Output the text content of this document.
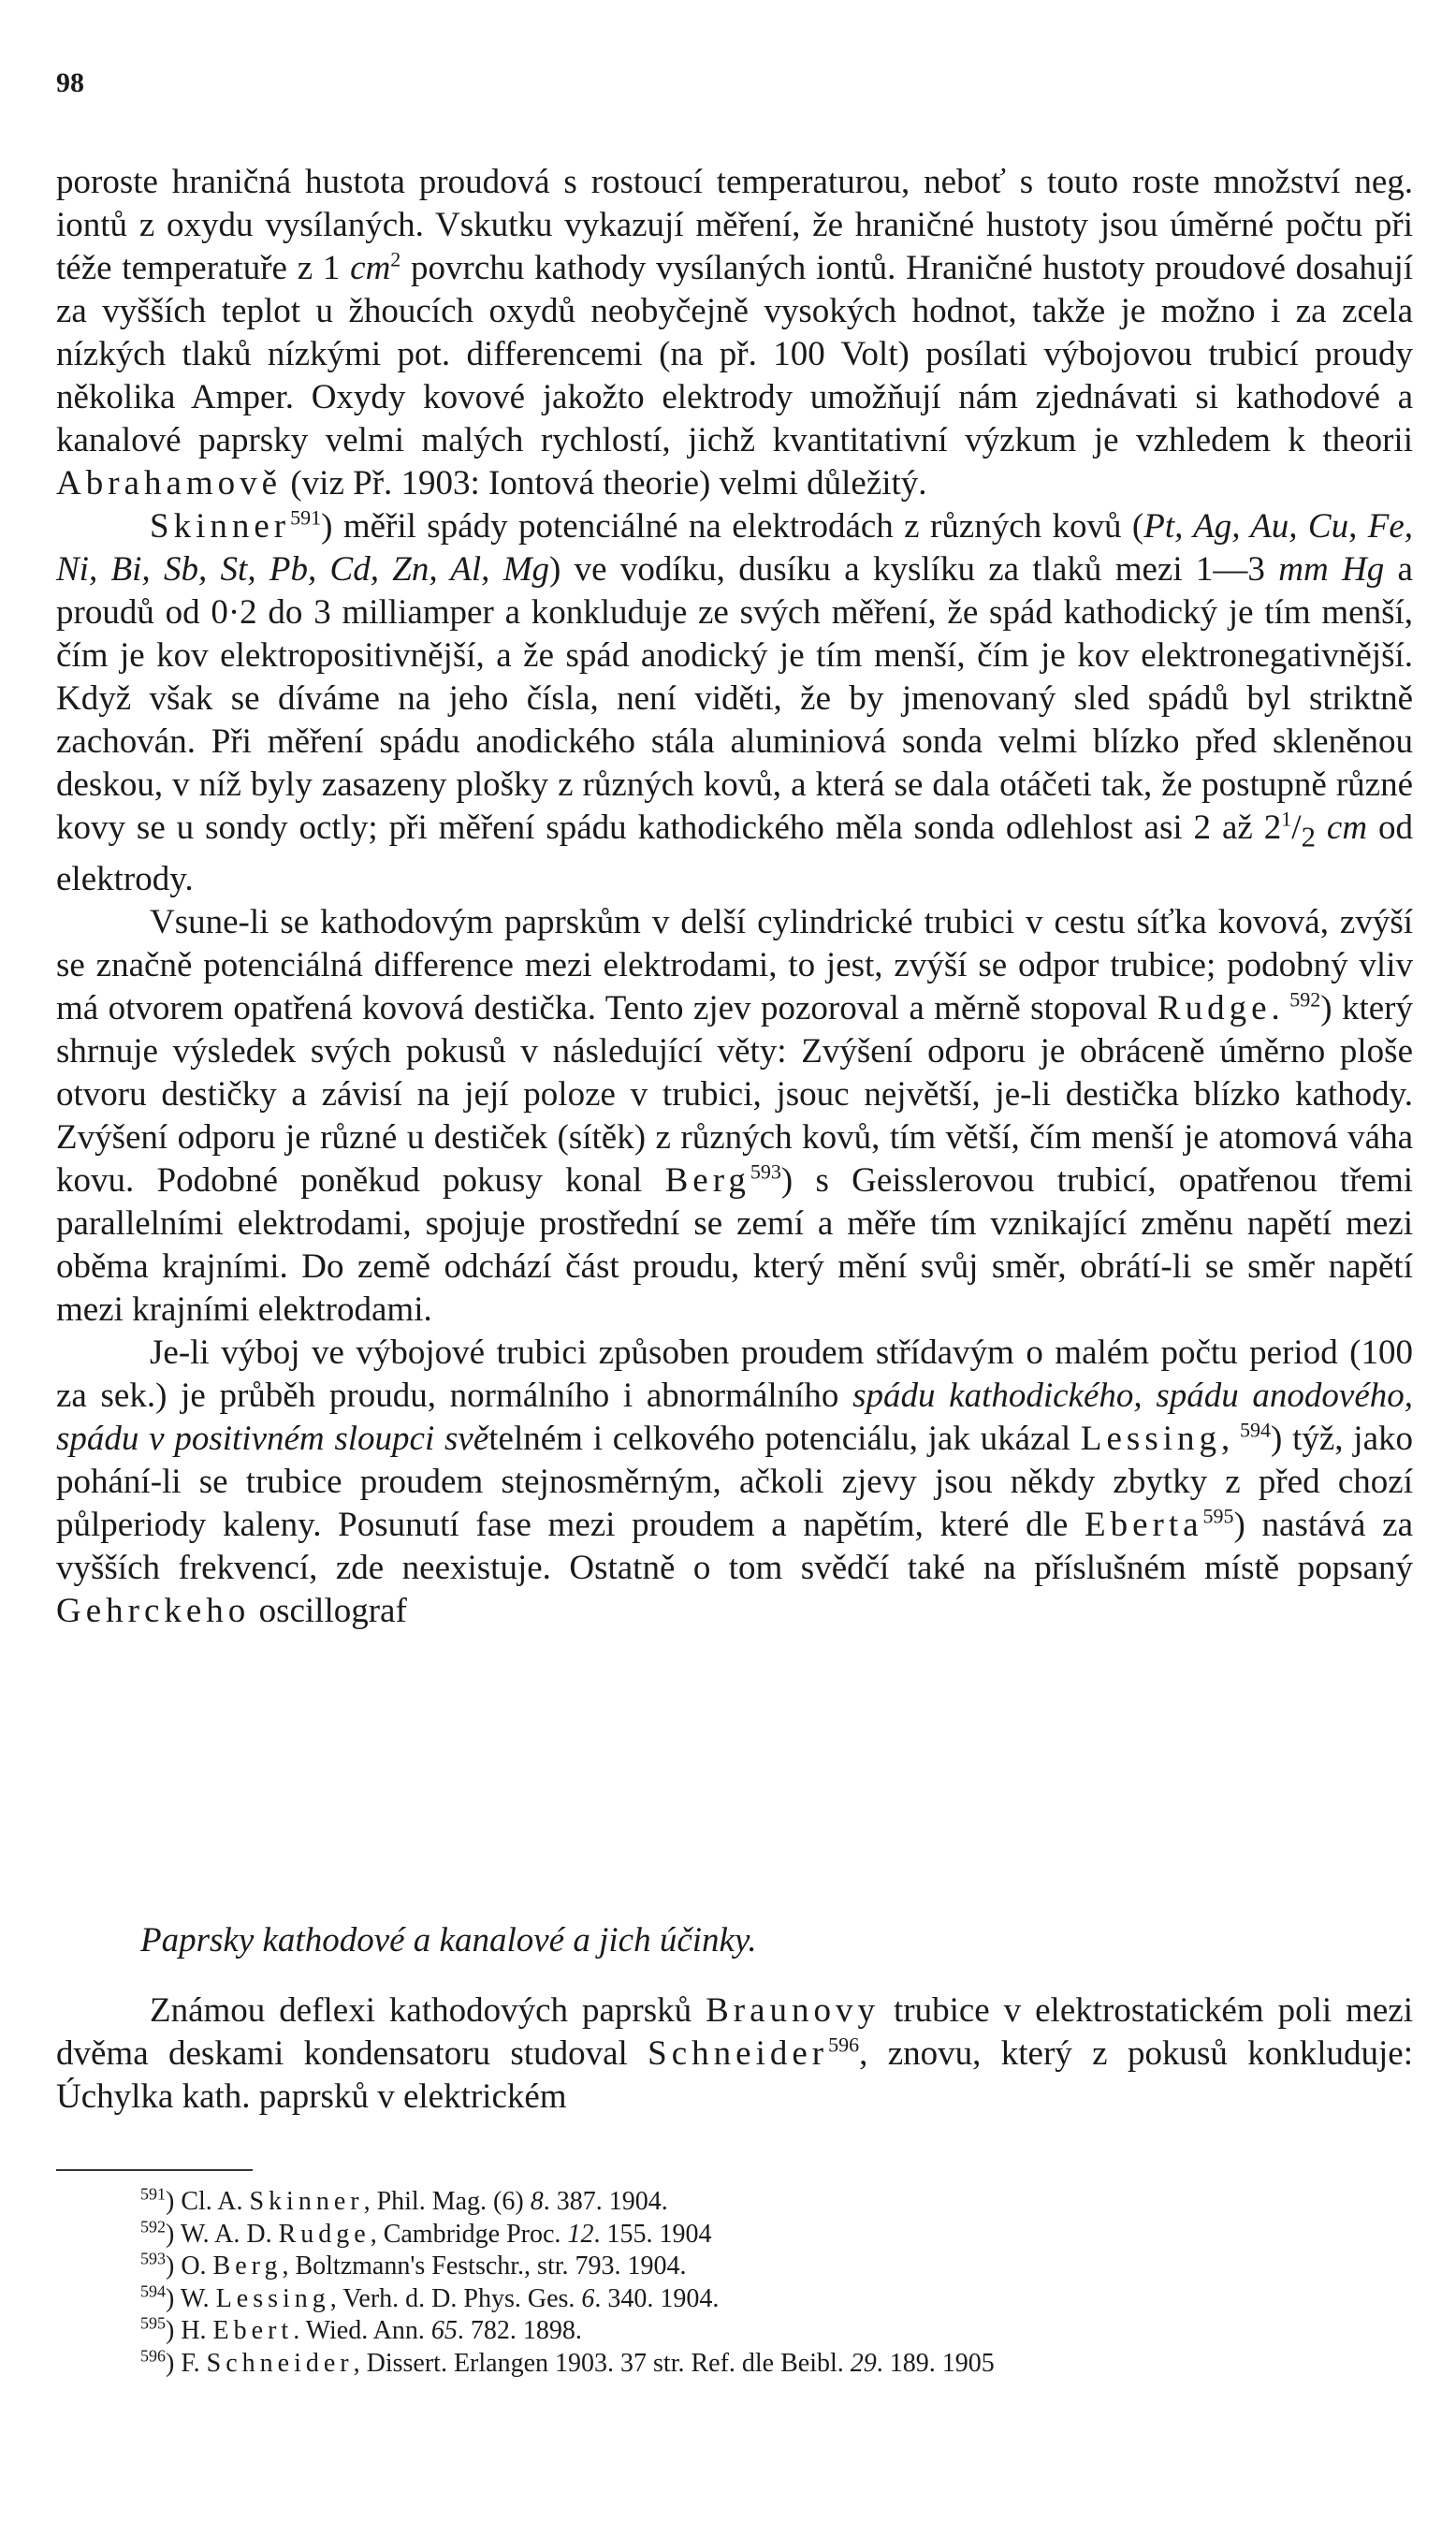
98

poroste hraničná hustota proudová s rostoucí temperaturou, neboť s touto roste množství neg. iontů z oxydu vysílaných. Vskutku vykazují měření, že hraničné hustoty jsou úměrné počtu při téže temperatuře z 1 $cm^2$ povrchu kathody vysílaných iontů. Hraničné hustoty proudové dosahují za vyšších teplot u žhoucích oxydů neobyčejně vysokých hodnot, takže je možno i za zcela nízkých tlaků nízkými pot. differencemi (na př. 100 Volt) posílati výbojovou trubicí proudy několika Amper. Oxydy kovové jakožto elektrody umožňují nám zjednávati si kathodové a kanalové paprsky velmi malých rychlostí, jichž kvantitativní výzkum je vzhledem k theorii Abrahamově (viz Př. 1903: Iontová theorie) velmi důležitý.

Skinner$^{591}$) měřil spády potenciálné na elektrodách z různých kovů (Pt, Ag, Au, Cu, Fe, Ni, Bi, Sb, St, Pb, Cd, Zn, Al, Mg) ve vodíku, dusíku a kyslíku za tlaků mezi 1—3 mm Hg a proudů od 0·2 do 3 milliamper a konkluduje ze svých měření, že spád kathodický je tím menší, čím je kov elektropositivnější, a že spád anodický je tím menší, čím je kov elektronegativnější. Když však se díváme na jeho čísla, není viděti, že by jmenovaný sled spádů byl striktně zachován. Při měření spádu anodického stála aluminiová sonda velmi blízko před skleněnou deskou, v níž byly zasazeny plošky z různých kovů, a která se dala otáčeti tak, že postupně různé kovy se u sondy octly; při měření spádu kathodického měla sonda odlehlost asi 2 až $2^1/_2$ cm od elektrody.

Vsune-li se kathodovým paprskům v delší cylindrické trubici v cestu síťka kovová, zvýší se značně potenciálná difference mezi elektrodami, to jest, zvýší se odpor trubice; podobný vliv má otvorem opatřená kovová destička. Tento zjev pozoroval a měrně stopoval Rudge. $^{592}$) který shrnuje výsledek svých pokusů v následující věty: Zvýšení odporu je obráceně úměrno ploše otvoru destičky a závisí na její poloze v trubici, jsouc největší, je-li destička blízko kathody. Zvýšení odporu je různé u destiček (sítěk) z různých kovů, tím větší, čím menší je atomová váha kovu. Podobné poněkud pokusy konal Berg$^{593}$) s Geisslerovou trubicí, opatřenou třemi parallelními elektrodami, spojuje prostřední se zemí a měře tím vznikající změnu napětí mezi oběma krajními. Do země odchází část proudu, který mění svůj směr, obrátí-li se směr napětí mezi krajními elektrodami.

Je-li výboj ve výbojové trubici způsoben proudem střídavým o malém počtu period (100 za sek.) je průběh proudu, normálního i abnormálního spádu kathodického, spádu anodového, spádu v positivném sloupci světelném i celkového potenciálu, jak ukázal Lessing, $^{594}$) týž, jako pohání-li se trubice proudem stejnosměrným, ačkoli zjevy jsou někdy zbytky z před chozí půlperiody kaleny. Posunutí fase mezi proudem a napětím, které dle Eberta$^{595}$) nastává za vyšších frekvencí, zde neexistuje. Ostatně o tom svědčí také na příslušném místě popsaný Gehrckeho oscillograf

Paprsky kathodové a kanalové a jich účinky.

Známou deflexi kathodových paprsků Braunovy trubice v elektrostatickém poli mezi dvěma deskami kondensatoru studoval Schneider$^{596}$, znovu, který z pokusů konkluduje: Úchylka kath. paprsků v elektrickém

$^{591}$) Cl. A. Skinner, Phil. Mag. (6) 8. 387. 1904.
$^{592}$) W. A. D. Rudge, Cambridge Proc. 12. 155. 1904
$^{593}$) O. Berg, Boltzmann's Festschr., str. 793. 1904.
$^{594}$) W. Lessing, Verh. d. D. Phys. Ges. 6. 340. 1904.
$^{595}$) H. Ebert. Wied. Ann. 65. 782. 1898.
$^{596}$) F. Schneider, Dissert. Erlangen 1903. 37 str. Ref. dle Beibl. 29. 189. 1905
